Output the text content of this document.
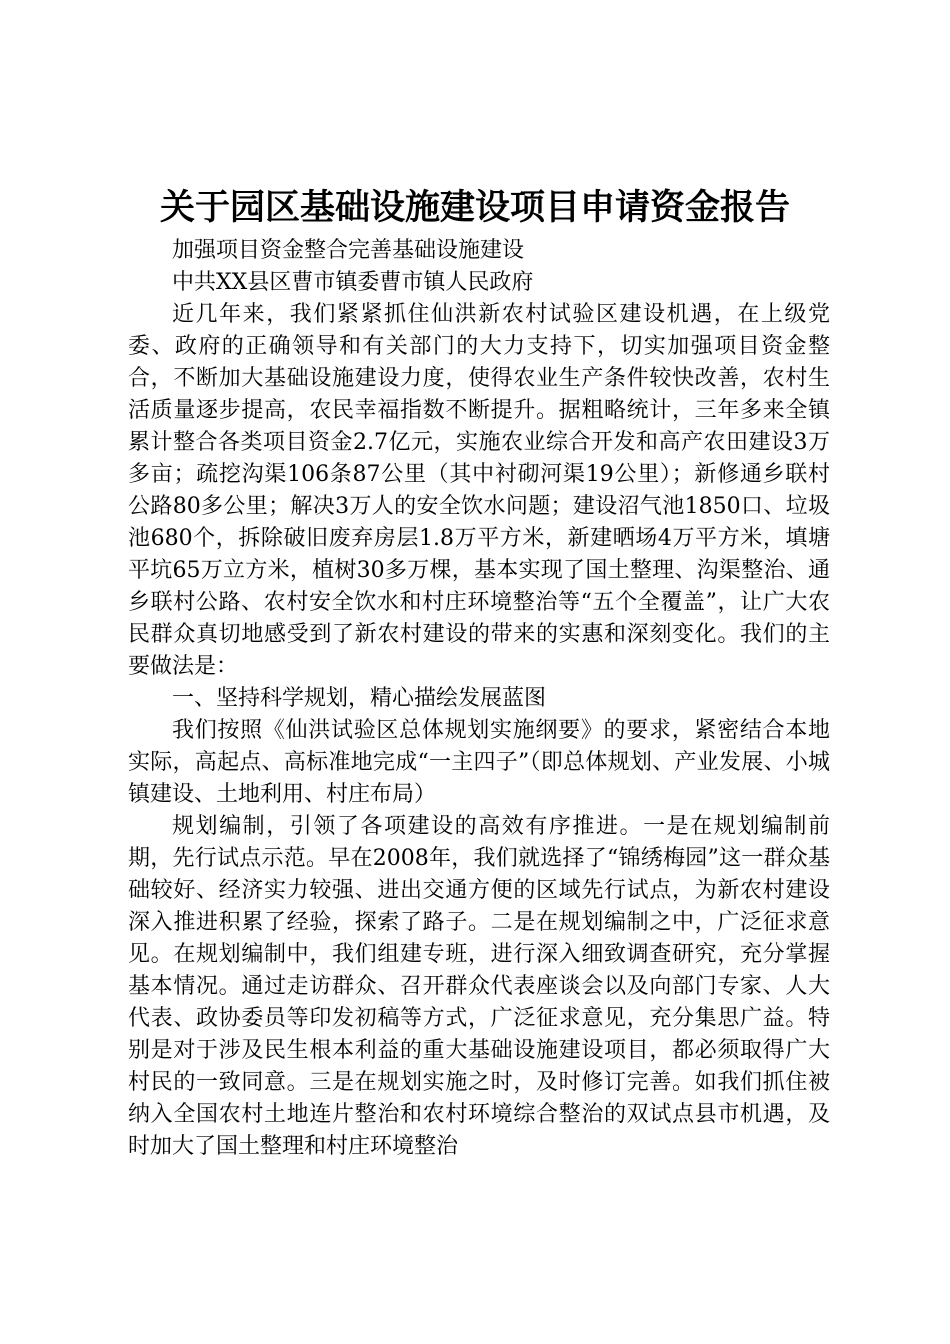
关于园区基础设施建设项目申请资金报告

加强项目资金整合完善基础设施建设

中共XX县区曹市镇委曹市镇人民政府

近几年来，我们紧紧抓住仙洪新农村试验区建设机遇，在上级党委、政府的正确领导和有关部门的大力支持下，切实加强项目资金整合，不断加大基础设施建设力度，使得农业生产条件较快改善，农村生活质量逐步提高，农民幸福指数不断提升。据粗略统计，三年多来全镇累计整合各类项目资金2.7亿元，实施农业综合开发和高产农田建设3万多亩；疏挖沟渠106条87公里（其中衬砌河渠19公里）；新修通乡联村公路80多公里；解决3万人的安全饮水问题；建设沼气池1850口、垃圾池680个，拆除破旧废弃房层1.8万平方米，新建晒场4万平方米，填塘平坑65万立方米，植树30多万棵，基本实现了国土整理、沟渠整治、通乡联村公路、农村安全饮水和村庄环境整治等“五个全覆盖”，让广大农民群众真切地感受到了新农村建设的带来的实惠和深刻变化。我们的主要做法是：

一、坚持科学规划，精心描绘发展蓝图

我们按照《仙洪试验区总体规划实施纲要》的要求，紧密结合本地实际，高起点、高标准地完成“一主四子”（即总体规划、产业发展、小城镇建设、土地利用、村庄布局）

规划编制，引领了各项建设的高效有序推进。一是在规划编制前期，先行试点示范。早在2008年，我们就选择了“锦绣梅园”这一群众基础较好、经济实力较强、进出交通方便的区域先行试点，为新农村建设深入推进积累了经验，探索了路子。二是在规划编制之中，广泛征求意见。在规划编制中，我们组建专班，进行深入细致调查研究，充分掌握基本情况。通过走访群众、召开群众代表座谈会以及向部门专家、人大代表、政协委员等印发初稿等方式，广泛征求意见，充分集思广益。特别是对于涉及民生根本利益的重大基础设施建设项目，都必须取得广大村民的一致同意。三是在规划实施之时，及时修订完善。如我们抓住被纳入全国农村土地连片整治和农村环境综合整治的双试点县市机遇，及时加大了国土整理和村庄环境整治
